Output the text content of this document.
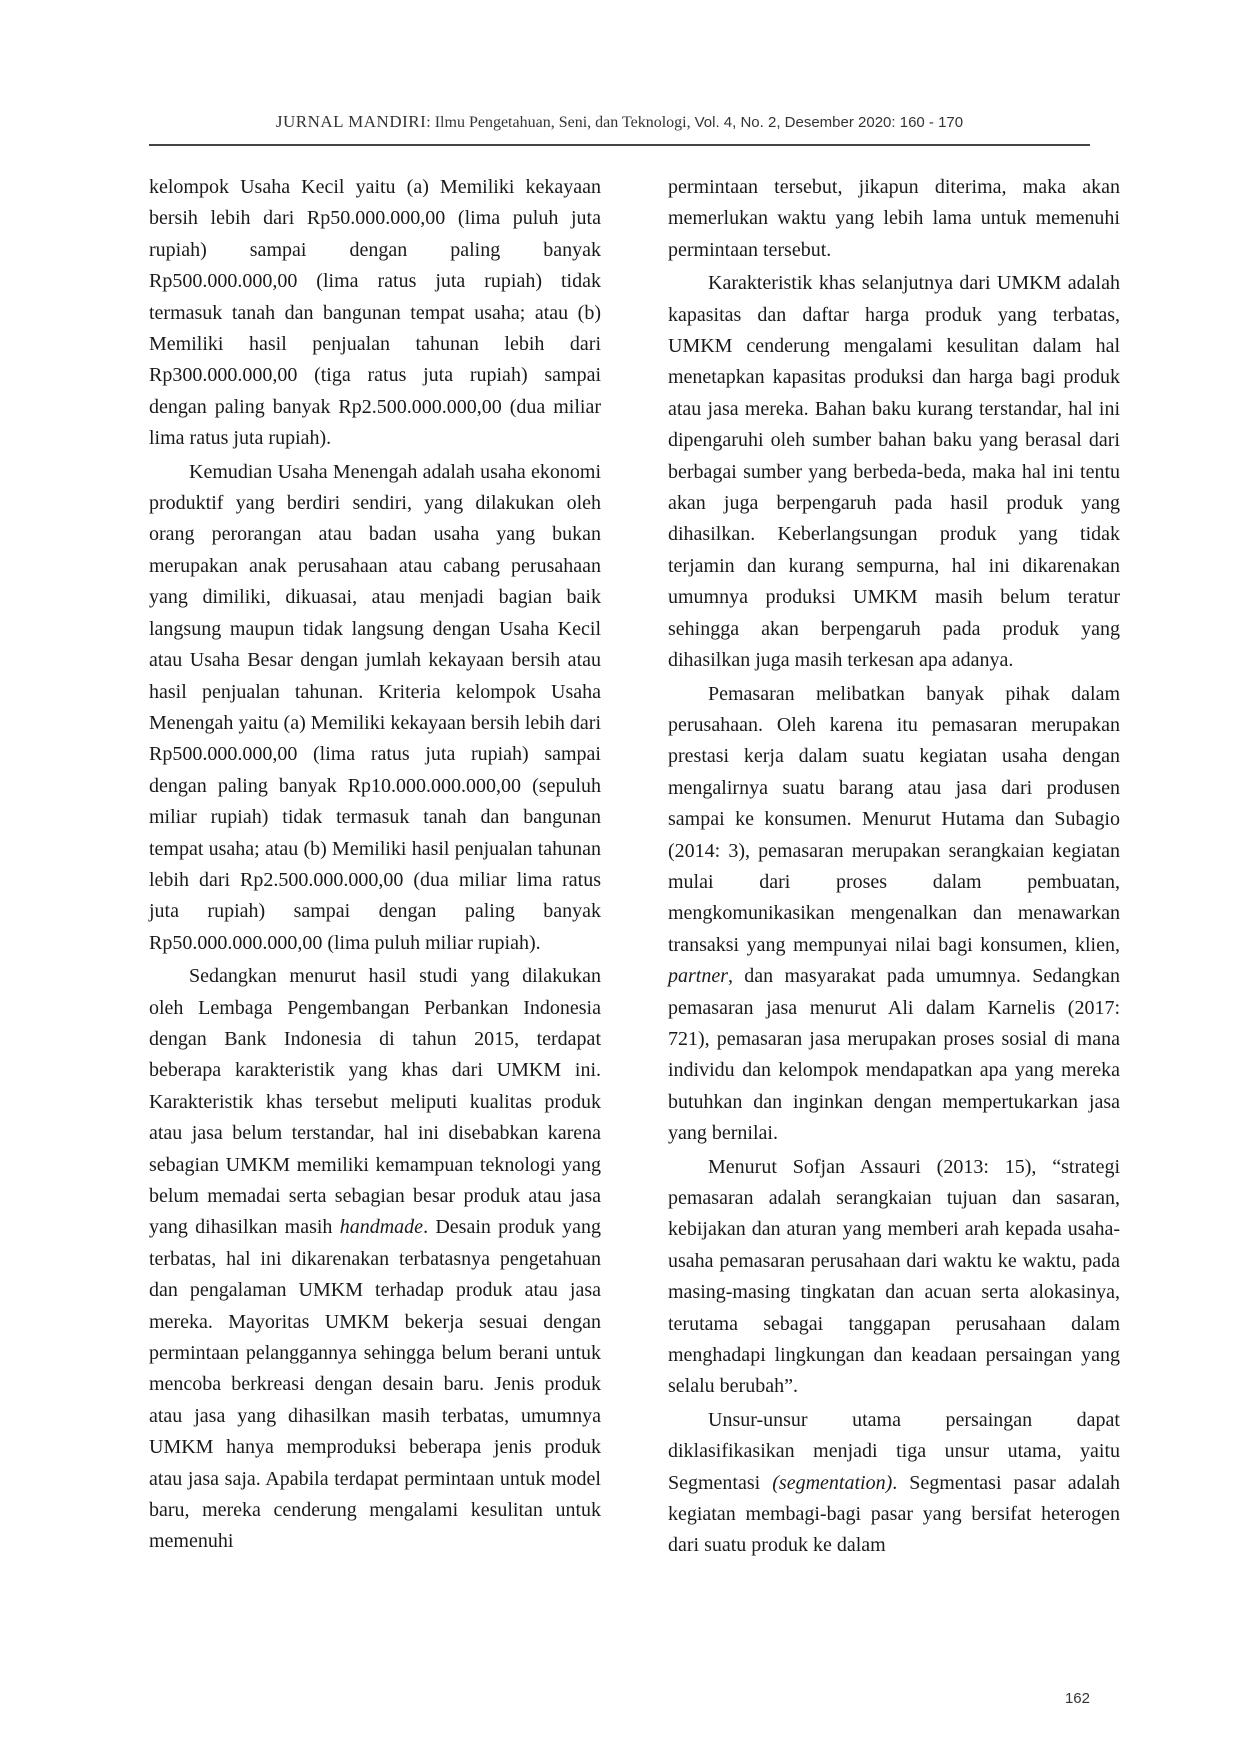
JURNAL MANDIRI: Ilmu Pengetahuan, Seni, dan Teknologi, Vol. 4, No. 2, Desember 2020: 160 - 170

kelompok Usaha Kecil yaitu (a) Memiliki kekayaan bersih lebih dari Rp50.000.000,00 (lima puluh juta rupiah) sampai dengan paling banyak Rp500.000.000,00 (lima ratus juta rupiah) tidak termasuk tanah dan bangunan tempat usaha; atau (b) Memiliki hasil penjualan tahunan lebih dari Rp300.000.000,00 (tiga ratus juta rupiah) sampai dengan paling banyak Rp2.500.000.000,00 (dua miliar lima ratus juta rupiah).

Kemudian Usaha Menengah adalah usaha ekonomi produktif yang berdiri sendiri, yang dilakukan oleh orang perorangan atau badan usaha yang bukan merupakan anak perusahaan atau cabang perusahaan yang dimiliki, dikuasai, atau menjadi bagian baik langsung maupun tidak langsung dengan Usaha Kecil atau Usaha Besar dengan jumlah kekayaan bersih atau hasil penjualan tahunan. Kriteria kelompok Usaha Menengah yaitu (a) Memiliki kekayaan bersih lebih dari Rp500.000.000,00 (lima ratus juta rupiah) sampai dengan paling banyak Rp10.000.000.000,00 (sepuluh miliar rupiah) tidak termasuk tanah dan bangunan tempat usaha; atau (b) Memiliki hasil penjualan tahunan lebih dari Rp2.500.000.000,00 (dua miliar lima ratus juta rupiah) sampai dengan paling banyak Rp50.000.000.000,00 (lima puluh miliar rupiah).

Sedangkan menurut hasil studi yang dilakukan oleh Lembaga Pengembangan Perbankan Indonesia dengan Bank Indonesia di tahun 2015, terdapat beberapa karakteristik yang khas dari UMKM ini. Karakteristik khas tersebut meliputi kualitas produk atau jasa belum terstandar, hal ini disebabkan karena sebagian UMKM memiliki kemampuan teknologi yang belum memadai serta sebagian besar produk atau jasa yang dihasilkan masih handmade. Desain produk yang terbatas, hal ini dikarenakan terbatasnya pengetahuan dan pengalaman UMKM terhadap produk atau jasa mereka. Mayoritas UMKM bekerja sesuai dengan permintaan pelanggannya sehingga belum berani untuk mencoba berkreasi dengan desain baru. Jenis produk atau jasa yang dihasilkan masih terbatas, umumnya UMKM hanya memproduksi beberapa jenis produk atau jasa saja. Apabila terdapat permintaan untuk model baru, mereka cenderung mengalami kesulitan untuk memenuhi

permintaan tersebut, jikapun diterima, maka akan memerlukan waktu yang lebih lama untuk memenuhi permintaan tersebut.

Karakteristik khas selanjutnya dari UMKM adalah kapasitas dan daftar harga produk yang terbatas, UMKM cenderung mengalami kesulitan dalam hal menetapkan kapasitas produksi dan harga bagi produk atau jasa mereka. Bahan baku kurang terstandar, hal ini dipengaruhi oleh sumber bahan baku yang berasal dari berbagai sumber yang berbeda-beda, maka hal ini tentu akan juga berpengaruh pada hasil produk yang dihasilkan. Keberlangsungan produk yang tidak terjamin dan kurang sempurna, hal ini dikarenakan umumnya produksi UMKM masih belum teratur sehingga akan berpengaruh pada produk yang dihasilkan juga masih terkesan apa adanya.

Pemasaran melibatkan banyak pihak dalam perusahaan. Oleh karena itu pemasaran merupakan prestasi kerja dalam suatu kegiatan usaha dengan mengalirnya suatu barang atau jasa dari produsen sampai ke konsumen. Menurut Hutama dan Subagio (2014: 3), pemasaran merupakan serangkaian kegiatan mulai dari proses dalam pembuatan, mengkomunikasikan mengenalkan dan menawarkan transaksi yang mempunyai nilai bagi konsumen, klien, partner, dan masyarakat pada umumnya. Sedangkan pemasaran jasa menurut Ali dalam Karnelis (2017: 721), pemasaran jasa merupakan proses sosial di mana individu dan kelompok mendapatkan apa yang mereka butuhkan dan inginkan dengan mempertukarkan jasa yang bernilai.

Menurut Sofjan Assauri (2013: 15), “strategi pemasaran adalah serangkaian tujuan dan sasaran, kebijakan dan aturan yang memberi arah kepada usaha-usaha pemasaran perusahaan dari waktu ke waktu, pada masing-masing tingkatan dan acuan serta alokasinya, terutama sebagai tanggapan perusahaan dalam menghadapi lingkungan dan keadaan persaingan yang selalu berubah”.

Unsur-unsur utama persaingan dapat diklasifikasikan menjadi tiga unsur utama, yaitu Segmentasi (segmentation). Segmentasi pasar adalah kegiatan membagi-bagi pasar yang bersifat heterogen dari suatu produk ke dalam

162
